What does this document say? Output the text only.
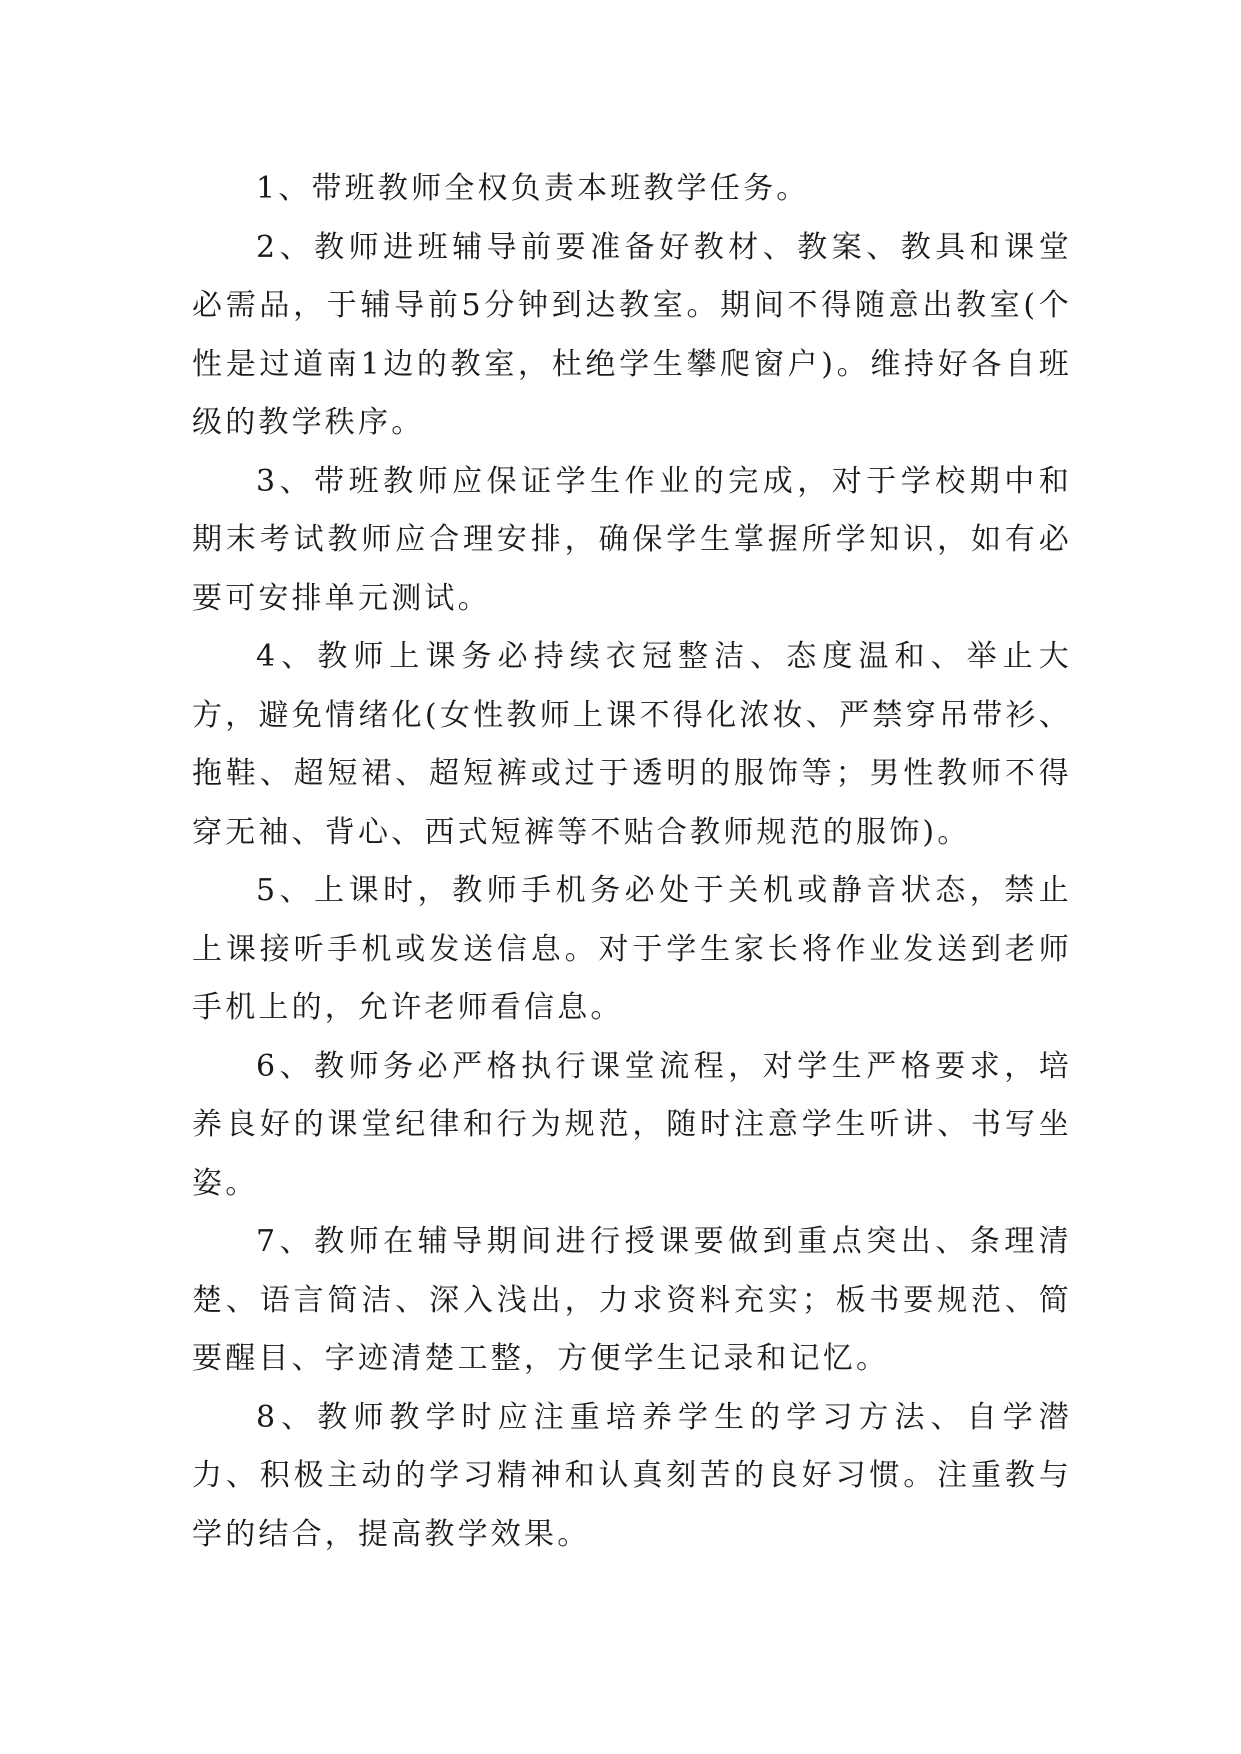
1、带班教师全权负责本班教学任务。

2、教师进班辅导前要准备好教材、教案、教具和课堂必需品，于辅导前5分钟到达教室。期间不得随意出教室(个性是过道南1边的教室，杜绝学生攀爬窗户)。维持好各自班级的教学秩序。

3、带班教师应保证学生作业的完成，对于学校期中和期末考试教师应合理安排，确保学生掌握所学知识，如有必要可安排单元测试。

4、教师上课务必持续衣冠整洁、态度温和、举止大方，避免情绪化(女性教师上课不得化浓妆、严禁穿吊带衫、拖鞋、超短裙、超短裤或过于透明的服饰等；男性教师不得穿无袖、背心、西式短裤等不贴合教师规范的服饰)。

5、上课时，教师手机务必处于关机或静音状态，禁止上课接听手机或发送信息。对于学生家长将作业发送到老师手机上的，允许老师看信息。

6、教师务必严格执行课堂流程，对学生严格要求，培养良好的课堂纪律和行为规范，随时注意学生听讲、书写坐姿。

7、教师在辅导期间进行授课要做到重点突出、条理清楚、语言简洁、深入浅出，力求资料充实；板书要规范、简要醒目、字迹清楚工整，方便学生记录和记忆。

8、教师教学时应注重培养学生的学习方法、自学潜力、积极主动的学习精神和认真刻苦的良好习惯。注重教与学的结合，提高教学效果。
